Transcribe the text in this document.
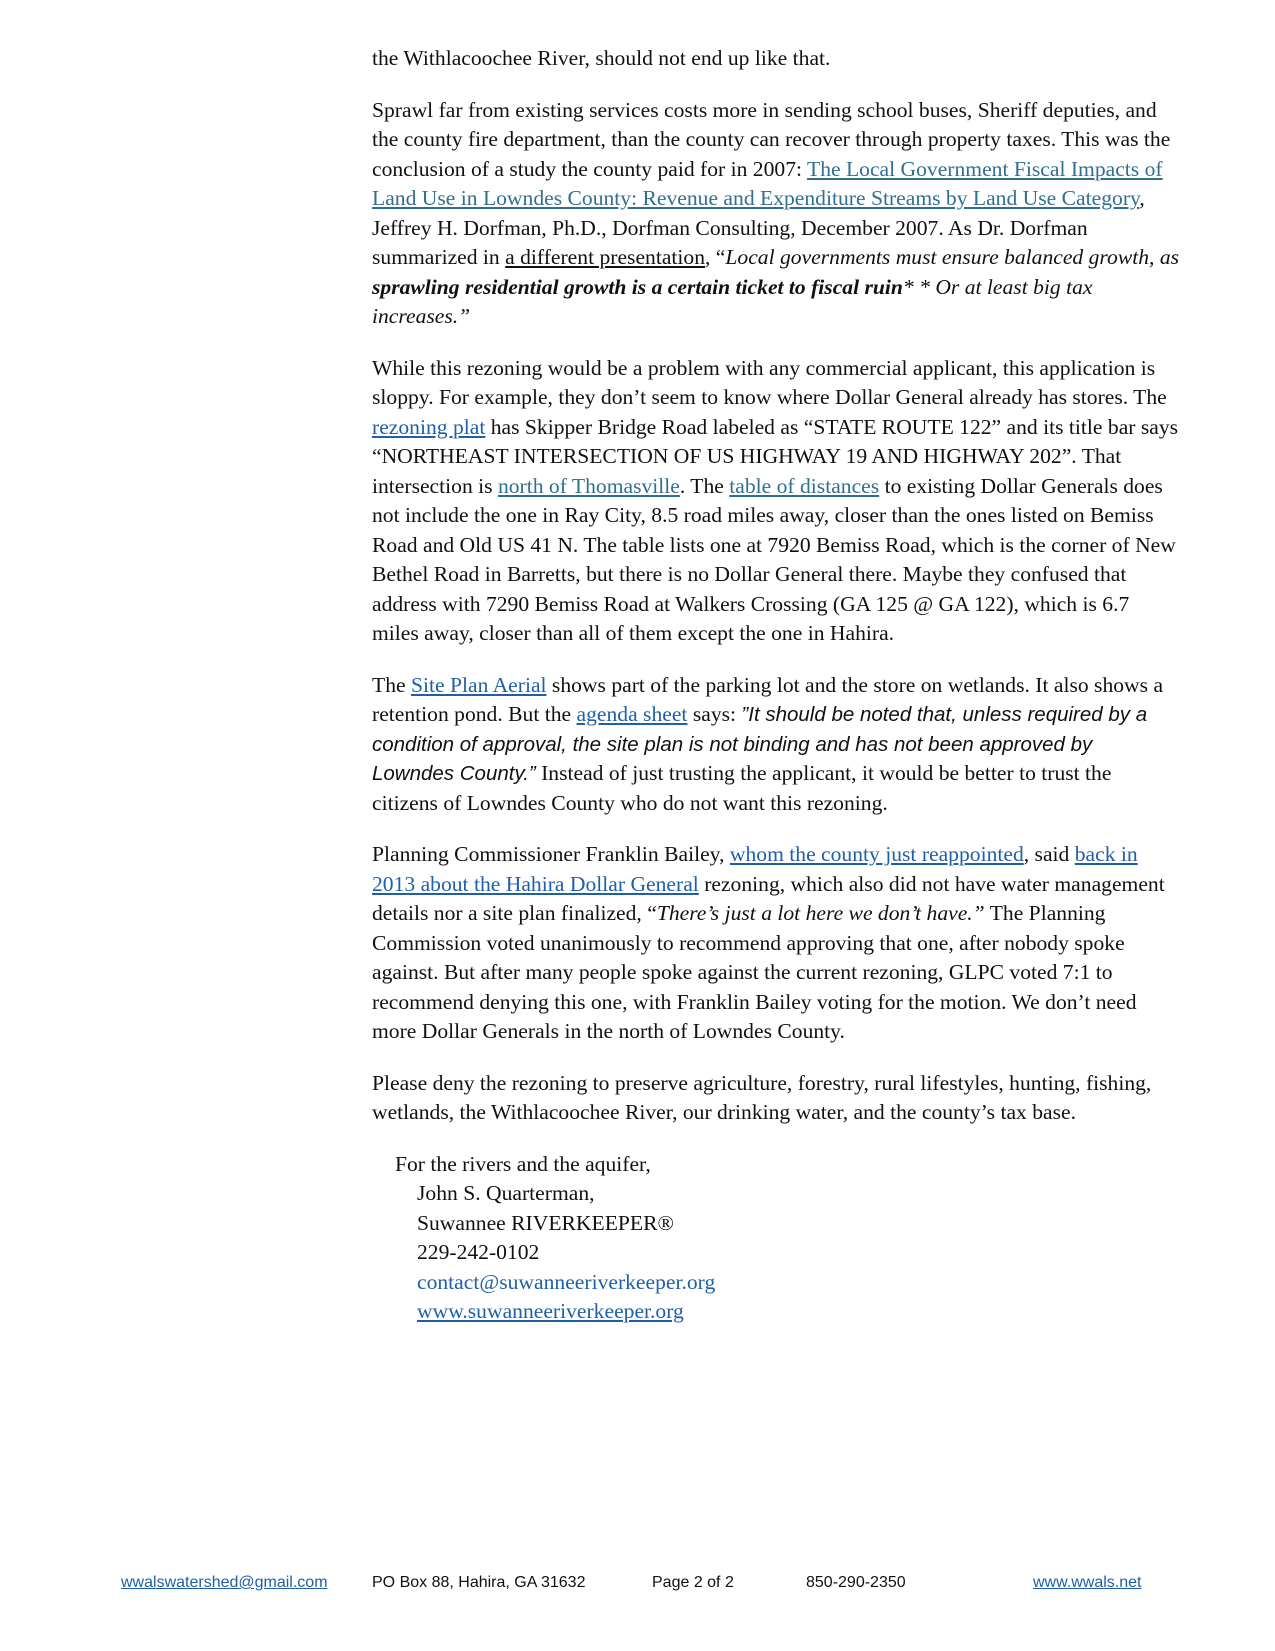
the Withlacoochee River, should not end up like that.

Sprawl far from existing services costs more in sending school buses, Sheriff deputies, and the county fire department, than the county can recover through property taxes. This was the conclusion of a study the county paid for in 2007: The Local Government Fiscal Impacts of Land Use in Lowndes County: Revenue and Expenditure Streams by Land Use Category, Jeffrey H. Dorfman, Ph.D., Dorfman Consulting, December 2007. As Dr. Dorfman summarized in a different presentation, “Local governments must ensure balanced growth, as sprawling residential growth is a certain ticket to fiscal ruin* * Or at least big tax increases.”

While this rezoning would be a problem with any commercial applicant, this application is sloppy. For example, they don’t seem to know where Dollar General already has stores. The rezoning plat has Skipper Bridge Road labeled as “STATE ROUTE 122” and its title bar says “NORTHEAST INTERSECTION OF US HIGHWAY 19 AND HIGHWAY 202”. That intersection is north of Thomasville. The table of distances to existing Dollar Generals does not include the one in Ray City, 8.5 road miles away, closer than the ones listed on Bemiss Road and Old US 41 N. The table lists one at 7920 Bemiss Road, which is the corner of New Bethel Road in Barretts, but there is no Dollar General there. Maybe they confused that address with 7290 Bemiss Road at Walkers Crossing (GA 125 @ GA 122), which is 6.7 miles away, closer than all of them except the one in Hahira.

The Site Plan Aerial shows part of the parking lot and the store on wetlands. It also shows a retention pond. But the agenda sheet says: ”It should be noted that, unless required by a condition of approval, the site plan is not binding and has not been approved by Lowndes County.” Instead of just trusting the applicant, it would be better to trust the citizens of Lowndes County who do not want this rezoning.

Planning Commissioner Franklin Bailey, whom the county just reappointed, said back in 2013 about the Hahira Dollar General rezoning, which also did not have water management details nor a site plan finalized, “There’s just a lot here we don’t have.” The Planning Commission voted unanimously to recommend approving that one, after nobody spoke against. But after many people spoke against the current rezoning, GLPC voted 7:1 to recommend denying this one, with Franklin Bailey voting for the motion. We don’t need more Dollar Generals in the north of Lowndes County.

Please deny the rezoning to preserve agriculture, forestry, rural lifestyles, hunting, fishing, wetlands, the Withlacoochee River, our drinking water, and the county’s tax base.

For the rivers and the aquifer,
John S. Quarterman,
Suwannee RIVERKEEPER®
229-242-0102
contact@suwanneeriverkeeper.org
www.suwanneeriverkeeper.org
wwalswatershed@gmail.com	PO Box 88, Hahira, GA 31632	Page 2 of 2	850-290-2350	www.wwals.net
